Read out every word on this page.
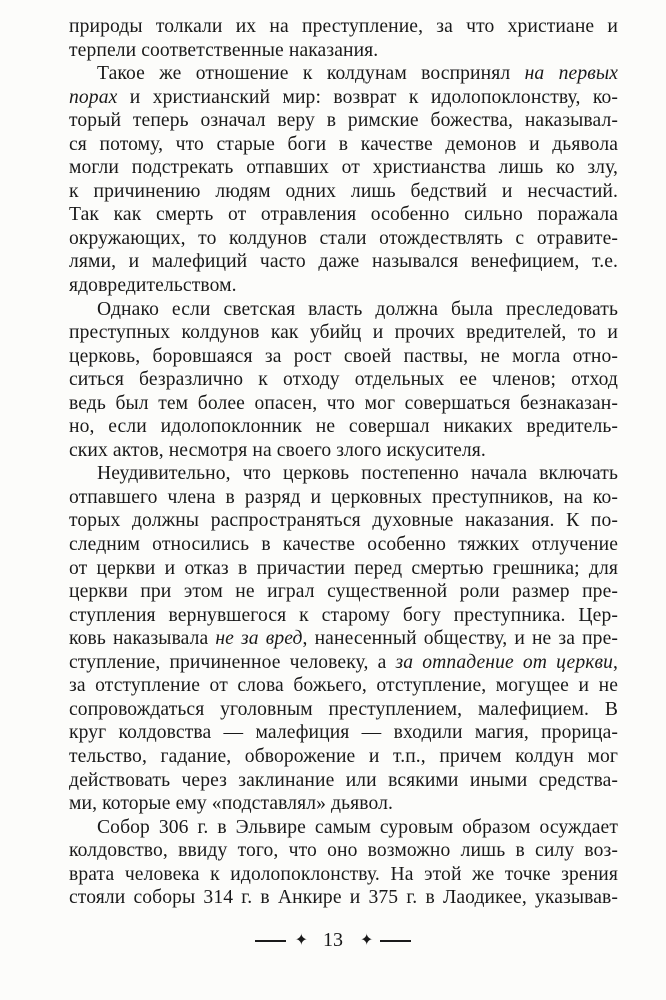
природы толкали их на преступление, за что христиане и
терпели соответственные наказания.
Такое же отношение к колдунам воспринял на первых
порах и христианский мир: возврат к идолопоклонству, ко-
торый теперь означал веру в римские божества, наказывал-
ся потому, что старые боги в качестве демонов и дьявола
могли подстрекать отпавших от христианства лишь ко злу,
к причинению людям одних лишь бедствий и несчастий.
Так как смерть от отравления особенно сильно поражала
окружающих, то колдунов стали отождествлять с отравите-
лями, и малефиций часто даже назывался венефицием, т.е.
ядовредительством.
Однако если светская власть должна была преследовать
преступных колдунов как убийц и прочих вредителей, то и
церковь, боровшаяся за рост своей паствы, не могла отно-
ситься безразлично к отходу отдельных ее членов; отход
ведь был тем более опасен, что мог совершаться безнаказан-
но, если идолопоклонник не совершал никаких вредитель-
ских актов, несмотря на своего злого искусителя.
Неудивительно, что церковь постепенно начала включать
отпавшего члена в разряд и церковных преступников, на ко-
торых должны распространяться духовные наказания. К по-
следним относились в качестве особенно тяжких отлучение
от церкви и отказ в причастии перед смертью грешника; для
церкви при этом не играл существенной роли размер пре-
ступления вернувшегося к старому богу преступника. Цер-
ковь наказывала не за вред, нанесенный обществу, и не за пре-
ступление, причиненное человеку, а за отпадение от церкви,
за отступление от слова божьего, отступление, могущее и не
сопровождаться уголовным преступлением, малефицием. В
круг колдовства — малефиция — входили магия, прорица-
тельство, гадание, обворожение и т.п., причем колдун мог
действовать через заклинание или всякими иными средства-
ми, которые ему «подставлял» дьявол.
Собор 306 г. в Эльвире самым суровым образом осуждает
колдовство, ввиду того, что оно возможно лишь в силу воз-
врата человека к идолопоклонству. На этой же точке зрения
стояли соборы 314 г. в Анкире и 375 г. в Лаодикее, указывав-
✦ 13 ✦
